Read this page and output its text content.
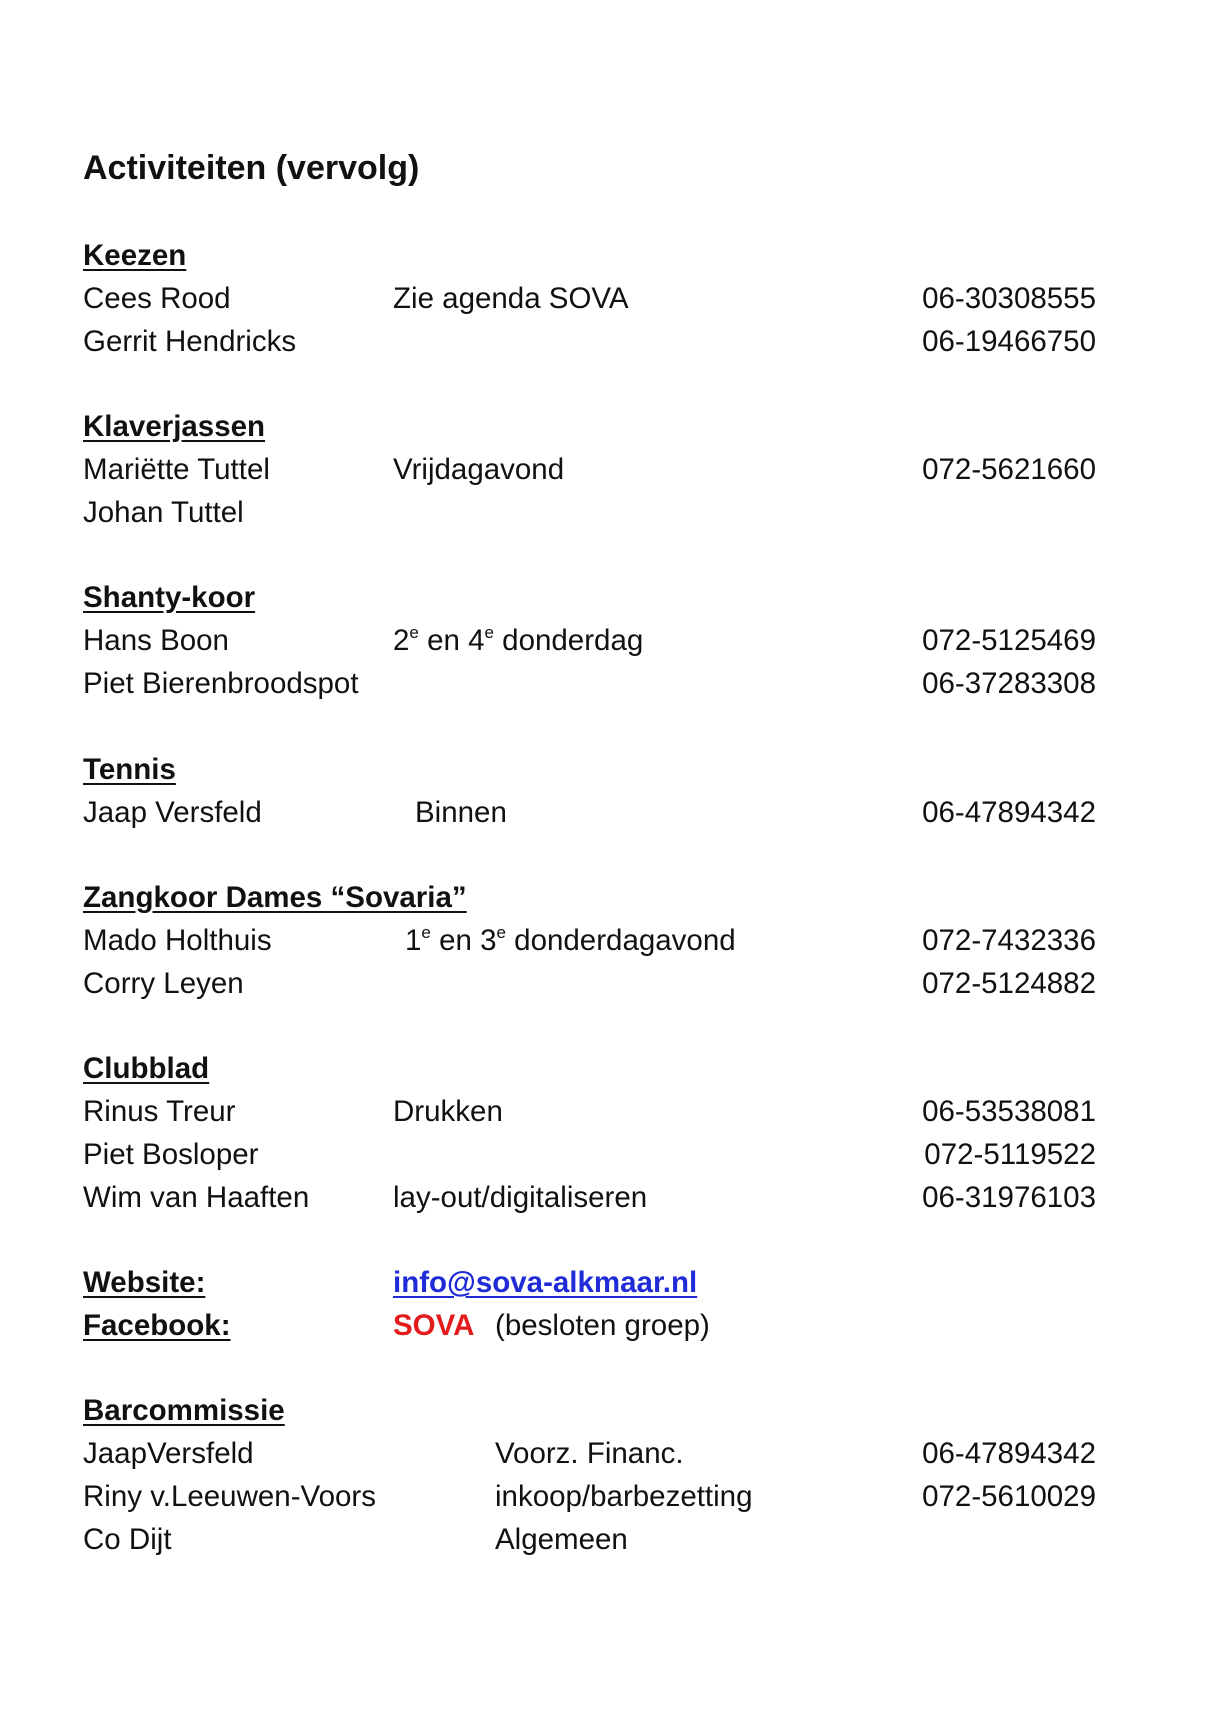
Activiteiten (vervolg)
Keezen
Cees Rood	Zie agenda SOVA	06-30308555
Gerrit Hendricks	06-19466750
Klaverjassen
Mariëtte Tuttel	Vrijdagavond	072-5621660
Johan Tuttel
Shanty-koor
Hans Boon	2e en 4e donderdag	072-5125469
Piet Bierenbroodspot	06-37283308
Tennis
Jaap Versfeld	Binnen	06-47894342
Zangkoor Dames “Sovaria”
Mado Holthuis	1e en 3e donderdagavond	072-7432336
Corry Leyen	072-5124882
Clubblad
Rinus Treur	Drukken	06-53538081
Piet Bosloper	072-5119522
Wim van Haaften	lay-out/digitaliseren	06-31976103
Website:	info@sova-alkmaar.nl
Facebook:	SOVA (besloten groep)
Barcommissie
JaapVersfeld	Voorz. Financ.	06-47894342
Riny v.Leeuwen-Voors	inkoop/barbezetting	072-5610029
Co Dijt	Algemeen
